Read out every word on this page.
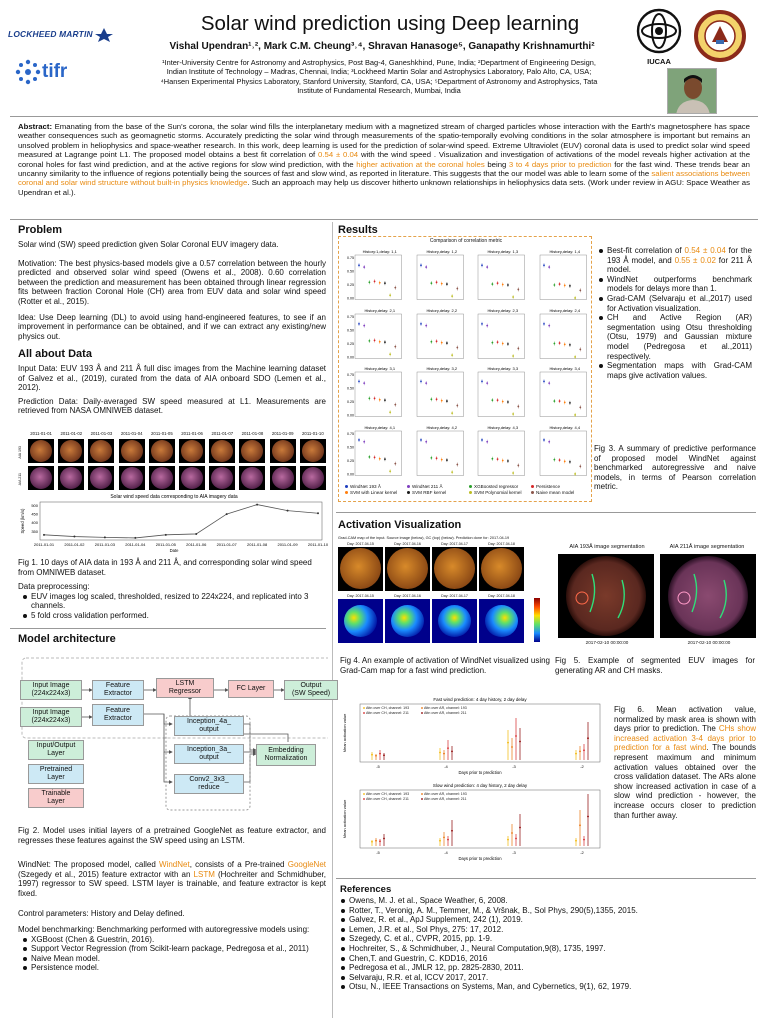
LOCKHEED MARTIN
tifr
Solar wind prediction using Deep learning
Vishal Upendran¹˒², Mark C.M. Cheung³˒⁴, Shravan Hanasoge⁵, Ganapathy Krishnamurthi²
¹Inter-University Centre for Astronomy and Astrophysics, Post Bag-4, Ganeshkhind, Pune, India; ²Department of Engineering Design,
Indian Institute of Technology – Madras, Chennai, India; ³Lockheed Martin Solar and Astrophysics Laboratory, Palo Alto, CA, USA;
⁴Hansen Experimental Physics Laboratory, Stanford University, Stanford, CA, USA; ⁵Department of Astronomy and Astrophysics, Tata
Institute of Fundamental Research, Mumbai, India
IUCAA
Abstract: Emanating from the base of the Sun's corona, the solar wind fills the interplanetary medium with a magnetized stream of charged particles whose interaction with the Earth's magnetosphere has space weather consequences such as geomagnetic storms. Accurately predicting the solar wind through measurements of the spatio-temporally evolving conditions in the solar atmosphere is important but remains an unsolved problem in heliophysics and space-weather research. In this work, deep learning is used for the prediction of solar-wind speed. Extreme Ultraviolet (EUV) coronal data is used to predict solar wind speed measured at Lagrange point L1. The proposed model obtains a best fit correlation of 0.54 ± 0.04 with the wind speed . Visualization and investigation of activations of the model reveals higher activation at the coronal holes for fast wind prediction, and at the active regions for slow wind prediction, with the higher activation at the coronal holes being 3 to 4 days prior to prediction for the fast wind. These trends bear an uncanny similarity to the influence of regions potentially being the sources of fast and slow wind, as reported in literature. This suggests that the our model was able to learn some of the salient associations between coronal and solar wind structure without built-in physics knowledge. Such an approach may help us discover hitherto unknown relationships in heliophysics data sets. (Work under review in AGU: Space Weather as Upendran et al.).
Problem

Solar wind (SW) speed prediction given Solar Coronal EUV imagery data.

Motivation: The best physics-based models give a 0.57 correlation between the hourly predicted and observed solar wind speed (Owens et al., 2008). 0.60 correlation between the prediction and measurement has been obtained through linear regression fits between fraction Coronal Hole (CH) area from EUV data and solar wind speed (Rotter et al., 2015).

Idea: Use Deep learning (DL) to avoid using hand-engineered features, to see if an improvement in performance can be obtained, and if we can extract any existing/new physics out.

All about Data

Input Data: EUV 193 Å and 211 Å full disc images from the Machine learning dataset of Galvez et al., (2019), curated from the data of AIA onboard SDO (Lemen et al., 2012).

Prediction Data: Daily-averaged SW speed measured at L1. Measurements are retrieved from NASA OMNIWEB dataset.

2011-01-01	2011-01-02	2011-01-03	2011-01-04	2011-01-05	2011-01-06	2011-01-07	2011-01-08	2011-01-09	2011-01-10
AIA 193
AIA 211
Solar wind speed data corresponding to AIA imagery data
350
400
450
500
2011-01-01	2011-01-02	2011-01-03	2011-01-04	2011-01-05	2011-01-06	2011-01-07	2011-01-08	2011-01-09	2011-01-10
Date
Speed (km/s)
Fig 1. 10 days of AIA data in 193 Å and 211 Å, and corresponding solar wind speed from OMNIWEB dataset.
Data preprocessing:
EUV images log scaled, thresholded, resized to 224x224, and replicated into 3 channels.
5 fold cross validation performed.
Model architecture
Input Image
(224x224x3)
Feature
Extractor
LSTM
Regressor	FC Layer	Output
(SW Speed)
Input Image
(224x224x3)
Feature
Extractor	Inception_4a_
output
Inception_3a_
output
Conv2_3x3_
reduce
Embedding
Normalization
Input/Output
Layer
Pretrained
Layer
Trainable
Layer
Fig 2. Model uses initial layers of a pretrained GoogleNet as feature extractor, and regresses these features against the SW speed using an LSTM.
WindNet: The proposed model, called WindNet, consists of a Pre-trained GoogleNet (Szegedy et al., 2015) feature extractor with an LSTM (Hochreiter and Schmidhuber, 1997) regressor to SW speed. LSTM layer is trainable, and feature extractor is kept fixed.
Control parameters: History and Delay defined.
Model benchmarking: Benchmarking performed with autoregressive models using:
XGBoost (Chen & Guestrin, 2016).
Support Vector Regression (from Scikit-learn package, Pedregosa et al., 2011)
Naive Mean model.
Persistence model.
Results
Comparison of correlation metric
History:1,delay: 1,1
0.75
0.50
0.25
0.00
History,delay: 1,2	History,delay: 1,3	History,delay: 1,4
History,delay: 2,1
0.75
0.50
0.25
0.00
History,delay: 2,2	History,delay: 2,3	History,delay: 2,4
History,delay: 3,1
0.75
0.50
0.25
0.00
History,delay: 3,2	History,delay: 3,3	History,delay: 3,4
History,delay: 4,1
0.75
0.50
0.25
0.00
History,delay: 4,2	History,delay: 4,3	History,delay: 4,4
WindNet 193 Å	WindNet 211 Å	XGBoosted regressor	Persistence
SVM with Linear kernel	SVM RBF kernel	SVM Polynomial kernel	Naive mean model
Best-fit correlation of 0.54 ± 0.04 for the 193 Å model, and 0.55 ± 0.02 for 211 Å model.
WindNet outperforms benchmark models for delays more than 1.
Grad-CAM (Selvaraju et al.,2017) used for Activation visualization.
CH and Active Region (AR) segmentation using Otsu thresholding (Otsu, 1979) and Gaussian mixture model (Pedregosa et al.,2011) respectively.
Segmentation maps with Grad-CAM maps give activation values.
Fig 3. A summary of predictive performance of proposed model WindNet against benchmarked autoregressive and naive models, in terms of Pearson correlation metric.
Activation Visualization
Grad-CAM map of the input. Source image (below), GC (top) (below). Prediction done for: 2017-04-19
Day: 2017-04-15	Day: 2017-04-16	Day: 2017-04-17	Day: 2017-04-18
Day: 2017-04-15	Day: 2017-04-16	Day: 2017-04-17	Day: 2017-04-18
AIA 193Å image segmentation	AIA 211Å image segmentation
2017-02-10 00:00:00	2017-02-10 00:00:00
Fig 4. An example of activation of WindNet visualized using Grad-Cam map for a fast wind prediction.
Fig 5. Example of segmented EUV images for generating AR and CH masks.
Fast wind prediction: 4 day history, 2 day delay
Attn over CH, channel: 193	Attn over AR, channel: 193
Attn over CH, channel: 211	Attn over AR, channel: 211
-5	-4	-3	-2
Days prior to prediction
Mean activation value
Slow wind prediction: 4 day history, 2 day delay
Attn over CH, channel: 193	Attn over AR, channel: 193
Attn over CH, channel: 211	Attn over AR, channel: 211
-5	-4	-3	-2
Days prior to prediction
Mean activation value
Fig 6. Mean activation value, normalized by mask area is shown with days prior to prediction. The CHs show increased activation 3-4 days prior to prediction for a fast wind. The bounds represent maximum and minimum activation values obtained over the cross validation dataset. The ARs alone show increased activation in case of a slow wind prediction - however, the increase occurs closer to prediction than further away.
References
Owens, M. J. et al., Space Weather, 6, 2008.
Rotter, T., Veronig, A. M., Temmer, M., & Vršnak, B., Sol Phys, 290(5),1355, 2015.
Galvez, R. et al., ApJ Supplement, 242 (1), 2019.
Lemen, J.R. et al., Sol Phys, 275: 17, 2012.
Szegedy, C. et al., CVPR, 2015, pp. 1-9.
Hochreiter, S., & Schmidhuber, J., Neural Computation,9(8), 1735, 1997.
Chen,T. and Guestrin, C. KDD16, 2016
Pedregosa et al., JMLR 12, pp. 2825-2830, 2011.
Selvaraju, R.R. et al, ICCV 2017, 2017.
Otsu, N., IEEE Transactions on Systems, Man, and Cybernetics, 9(1), 62, 1979.
